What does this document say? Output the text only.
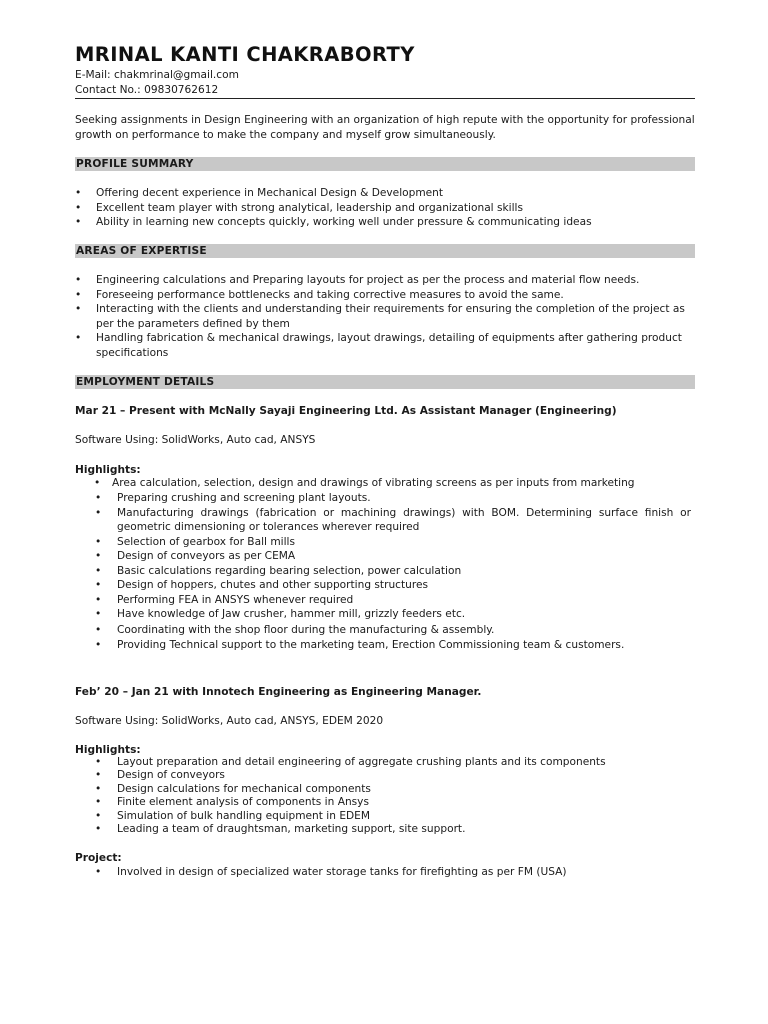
MRINAL KANTI CHAKRABORTY
E-Mail: chakmrinal@gmail.com
Contact No.: 09830762612
Seeking assignments in Design Engineering with an organization of high repute with the opportunity for professional growth on performance to make the company and myself grow simultaneously.
PROFILE SUMMARY
• Offering decent experience in Mechanical Design & Development
• Excellent team player with strong analytical, leadership and organizational skills
• Ability in learning new concepts quickly, working well under pressure & communicating ideas
AREAS OF EXPERTISE
• Engineering calculations and Preparing layouts for project as per the process and material flow needs.
• Foreseeing performance bottlenecks and taking corrective measures to avoid the same.
• Interacting with the clients and understanding their requirements for ensuring the completion of the project as per the parameters defined by them
• Handling fabrication & mechanical drawings, layout drawings, detailing of equipments after gathering product specifications
EMPLOYMENT DETAILS
Mar 21 – Present with McNally Sayaji Engineering Ltd. As Assistant Manager (Engineering)
Software Using: SolidWorks, Auto cad, ANSYS
Highlights:
• Area calculation, selection, design and drawings of vibrating screens as per inputs from marketing
• Preparing crushing and screening plant layouts.
• Manufacturing drawings (fabrication or machining drawings) with BOM. Determining surface finish or geometric dimensioning or tolerances wherever required
• Selection of gearbox for Ball mills
• Design of conveyors as per CEMA
• Basic calculations regarding bearing selection, power calculation
• Design of hoppers, chutes and other supporting structures
• Performing FEA in ANSYS whenever required
• Have knowledge of Jaw crusher, hammer mill, grizzly feeders etc.
• Coordinating with the shop floor during the manufacturing & assembly.
• Providing Technical support to the marketing team, Erection Commissioning team & customers.
Feb’ 20 – Jan 21 with Innotech Engineering as Engineering Manager.
Software Using: SolidWorks, Auto cad, ANSYS, EDEM 2020
Highlights:
• Layout preparation and detail engineering of aggregate crushing plants and its components
• Design of conveyors
• Design calculations for mechanical components
• Finite element analysis of components in Ansys
• Simulation of bulk handling equipment in EDEM
• Leading a team of draughtsman, marketing support, site support.
Project:
• Involved in design of specialized water storage tanks for firefighting as per FM (USA)
